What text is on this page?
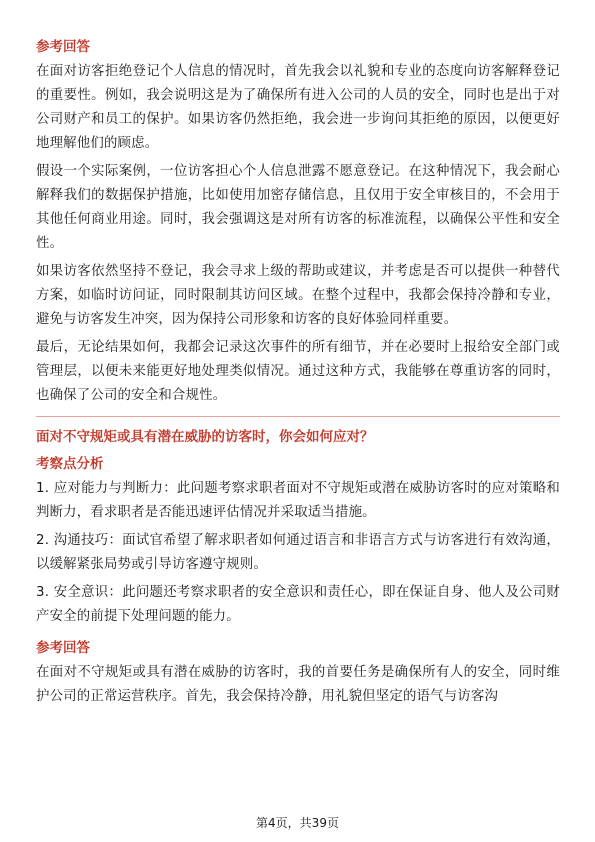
参考回答

在面对访客拒绝登记个人信息的情况时，首先我会以礼貌和专业的态度向访客解释登记的重要性。例如，我会说明这是为了确保所有进入公司的人员的安全，同时也是出于对公司财产和员工的保护。如果访客仍然拒绝，我会进一步询问其拒绝的原因，以便更好地理解他们的顾虑。

假设一个实际案例，一位访客担心个人信息泄露不愿意登记。在这种情况下，我会耐心解释我们的数据保护措施，比如使用加密存储信息，且仅用于安全审核目的，不会用于其他任何商业用途。同时，我会强调这是对所有访客的标准流程，以确保公平性和安全性。

如果访客依然坚持不登记，我会寻求上级的帮助或建议，并考虑是否可以提供一种替代方案，如临时访问证，同时限制其访问区域。在整个过程中，我都会保持冷静和专业，避免与访客发生冲突，因为保持公司形象和访客的良好体验同样重要。

最后，无论结果如何，我都会记录这次事件的所有细节，并在必要时上报给安全部门或管理层，以便未来能更好地处理类似情况。通过这种方式，我能够在尊重访客的同时，也确保了公司的安全和合规性。

面对不守规矩或具有潜在威胁的访客时，你会如何应对？
考察点分析

1. 应对能力与判断力：此问题考察求职者面对不守规矩或潜在威胁访客时的应对策略和判断力，看求职者是否能迅速评估情况并采取适当措施。

2. 沟通技巧：面试官希望了解求职者如何通过语言和非语言方式与访客进行有效沟通，以缓解紧张局势或引导访客遵守规则。

3. 安全意识：此问题还考察求职者的安全意识和责任心，即在保证自身、他人及公司财产安全的前提下处理问题的能力。

参考回答

在面对不守规矩或具有潜在威胁的访客时，我的首要任务是确保所有人的安全，同时维护公司的正常运营秩序。首先，我会保持冷静，用礼貌但坚定的语气与访客沟

第4页，共39页
